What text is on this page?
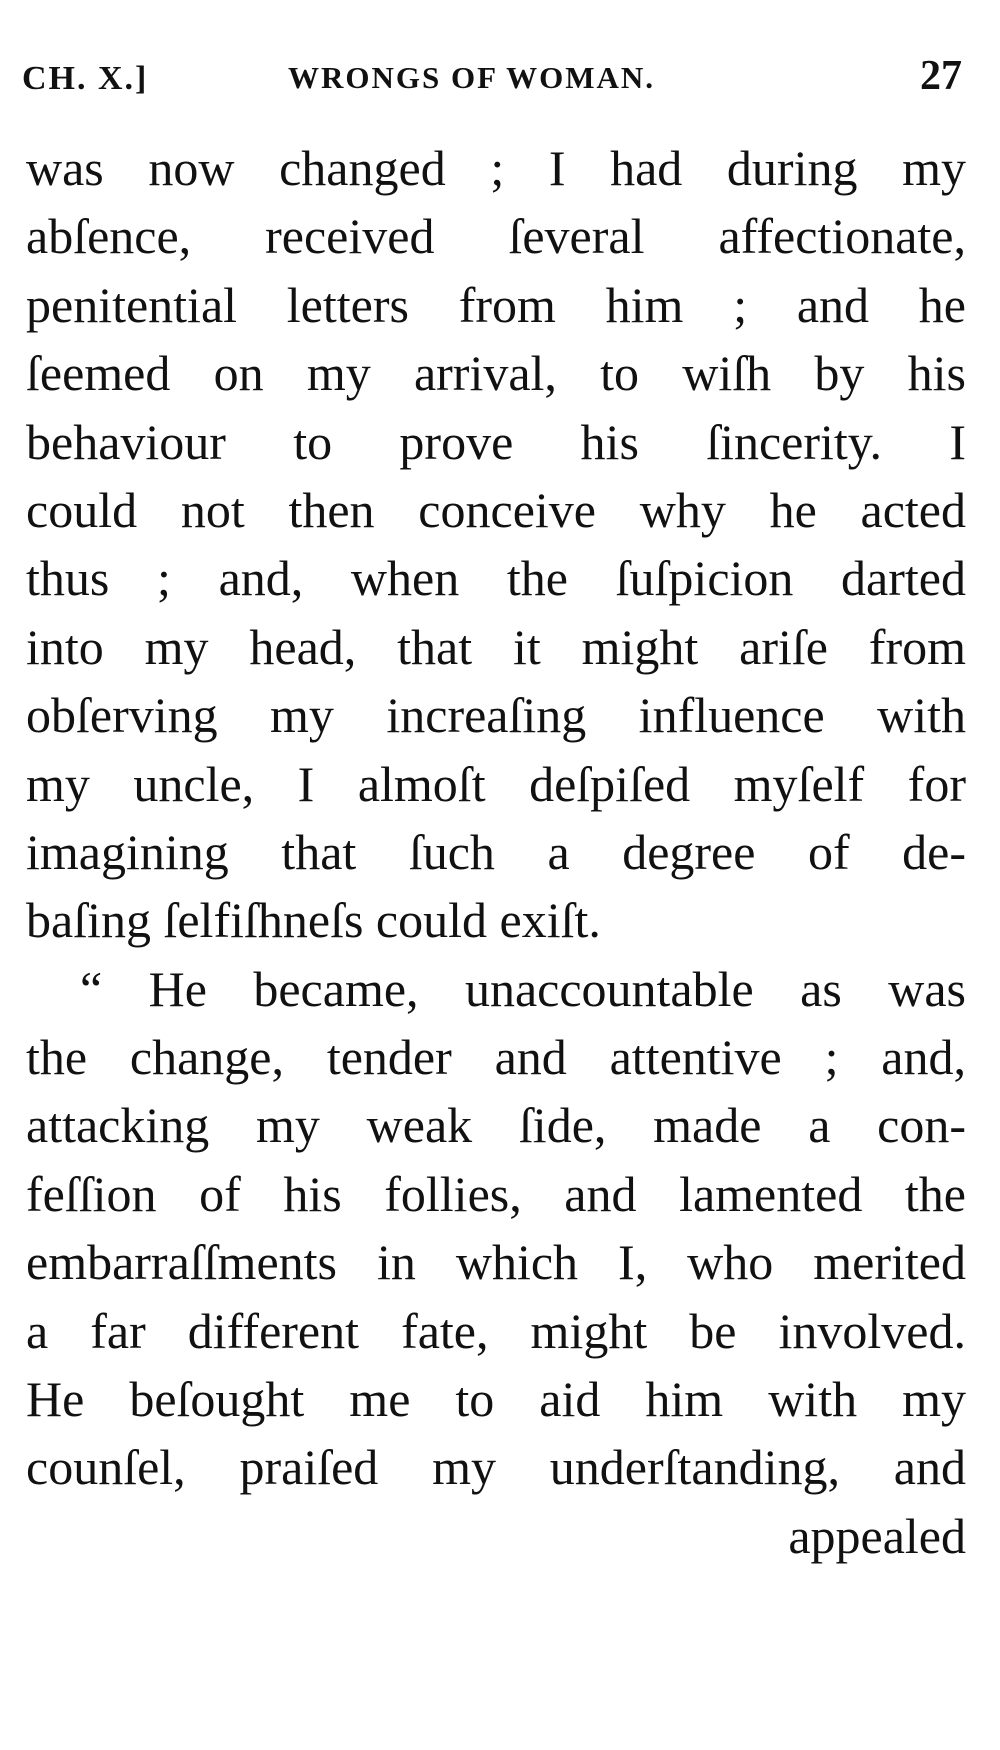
CH. X.]	WRONGS OF WOMAN.	27
was now changed ; I had during my
abſence, received ſeveral affectionate,
penitential letters from him ; and he
ſeemed on my arrival, to wiſh by his
behaviour to prove his ſincerity. I
could not then conceive why he acted
thus ; and, when the ſuſpicion darted
into my head, that it might ariſe from
obſerving my increaſing influence with
my uncle, I almoſt deſpiſed myſelf for
imagining that ſuch a degree of de-
baſing ſelfiſhneſs could exiſt.
“ He became, unaccountable as was
the change, tender and attentive ; and,
attacking my weak ſide, made a con-
feſſion of his follies, and lamented the
embarraſſments in which I, who merited
a far different fate, might be involved.
He beſought me to aid him with my
counſel, praiſed my underſtanding, and
appealed
